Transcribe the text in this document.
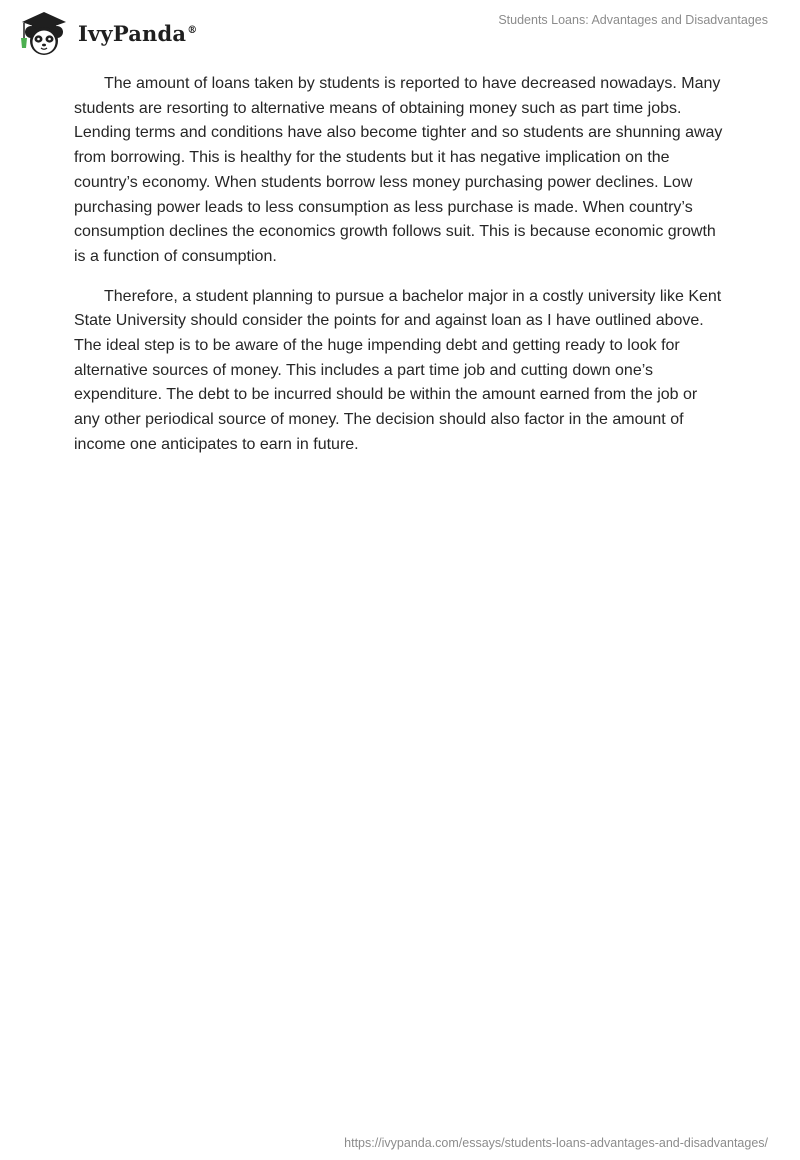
IvyPanda®
Students Loans: Advantages and Disadvantages

The amount of loans taken by students is reported to have decreased nowadays. Many students are resorting to alternative means of obtaining money such as part time jobs. Lending terms and conditions have also become tighter and so students are shunning away from borrowing. This is healthy for the students but it has negative implication on the country’s economy. When students borrow less money purchasing power declines. Low purchasing power leads to less consumption as less purchase is made. When country’s consumption declines the economics growth follows suit. This is because economic growth is a function of consumption.

Therefore, a student planning to pursue a bachelor major in a costly university like Kent State University should consider the points for and against loan as I have outlined above. The ideal step is to be aware of the huge impending debt and getting ready to look for alternative sources of money. This includes a part time job and cutting down one’s expenditure. The debt to be incurred should be within the amount earned from the job or any other periodical source of money. The decision should also factor in the amount of income one anticipates to earn in future.

https://ivypanda.com/essays/students-loans-advantages-and-disadvantages/
